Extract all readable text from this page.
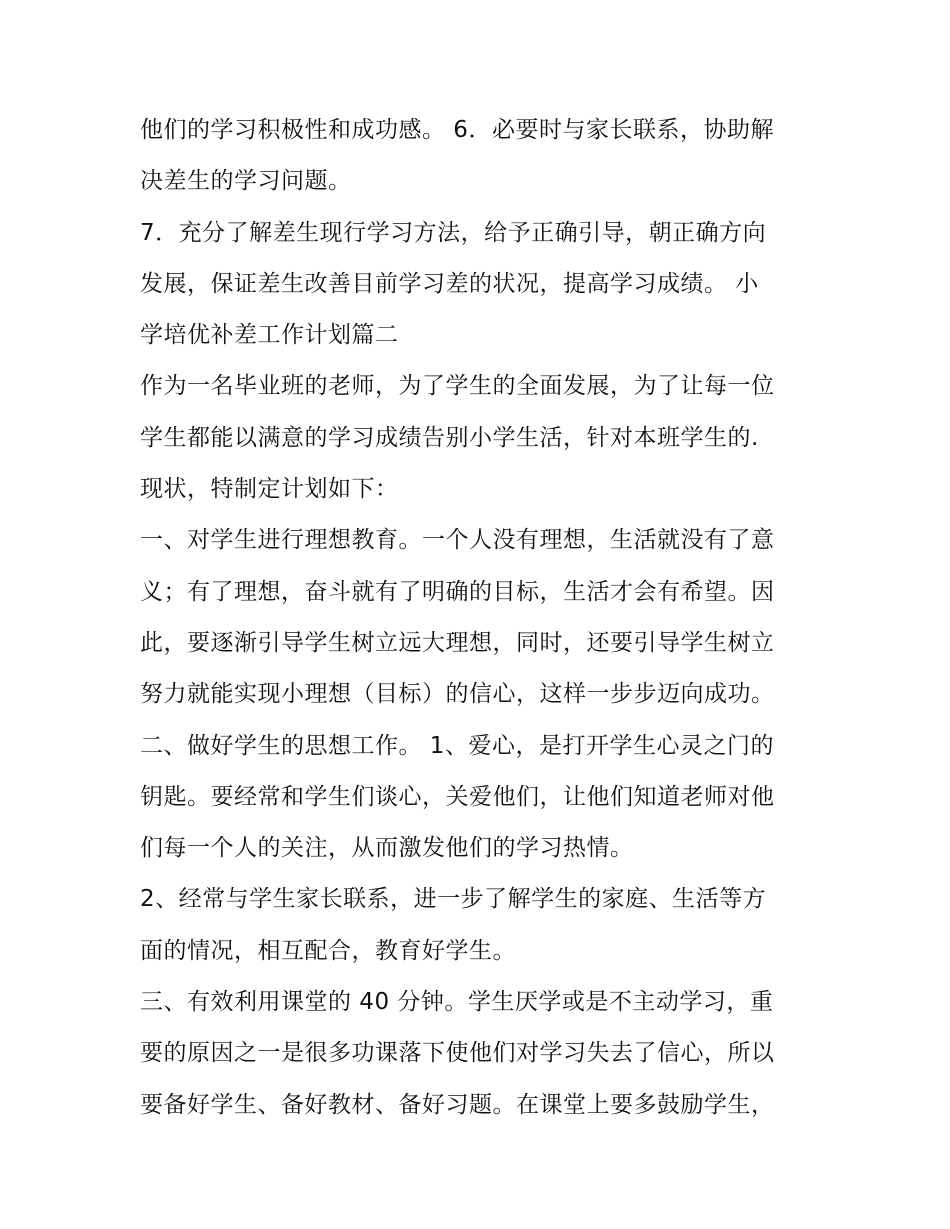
他们的学习积极性和成功感。 6．必要时与家长联系，协助解
决差生的学习问题。
7．充分了解差生现行学习方法，给予正确引导，朝正确方向
发展，保证差生改善目前学习差的状况，提高学习成绩。 小
学培优补差工作计划篇二
作为一名毕业班的老师，为了学生的全面发展，为了让每一位
学生都能以满意的学习成绩告别小学生活，针对本班学生的.
现状，特制定计划如下：
一、对学生进行理想教育。一个人没有理想，生活就没有了意
义；有了理想，奋斗就有了明确的目标，生活才会有希望。因
此，要逐渐引导学生树立远大理想，同时，还要引导学生树立
努力就能实现小理想（目标）的信心，这样一步步迈向成功。
二、做好学生的思想工作。 1、爱心，是打开学生心灵之门的
钥匙。要经常和学生们谈心，关爱他们，让他们知道老师对他
们每一个人的关注，从而激发他们的学习热情。
2、经常与学生家长联系，进一步了解学生的家庭、生活等方
面的情况，相互配合，教育好学生。
三、有效利用课堂的 40 分钟。学生厌学或是不主动学习，重
要的原因之一是很多功课落下使他们对学习失去了信心，所以
要备好学生、备好教材、备好习题。在课堂上要多鼓励学生，
